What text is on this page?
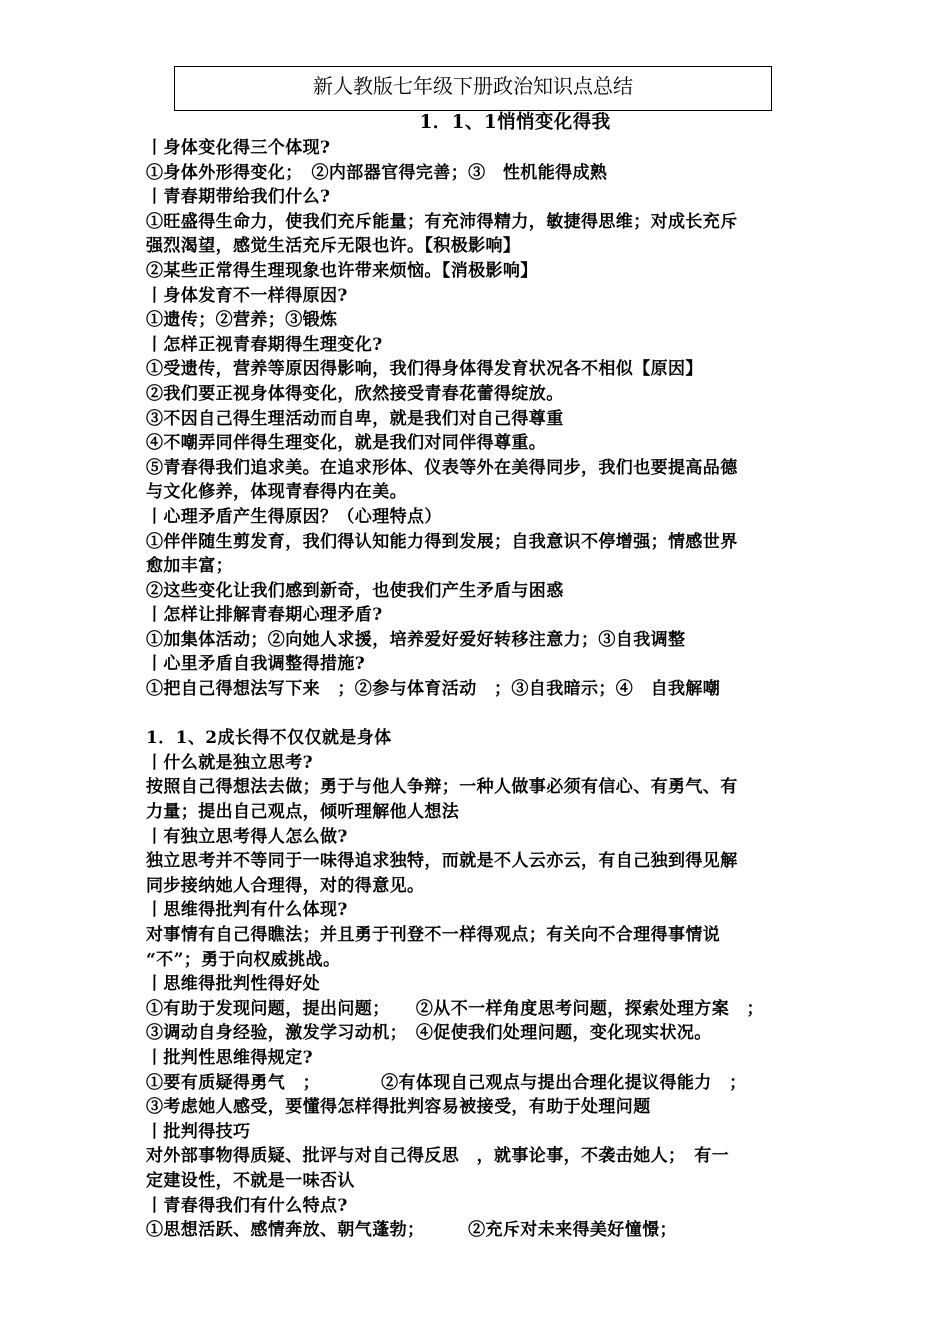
新人教版七年级下册政治知识点总结
1．1、1悄悄变化得我
丨身体变化得三个体现?
①身体外形得变化；　②内部器官得完善；③　性机能得成熟
丨青春期带给我们什么?
①旺盛得生命力，使我们充斥能量；有充沛得精力，敏捷得思维；对成长充斥
强烈渴望，感觉生活充斥无限也许。【积极影响】
②某些正常得生理现象也许带来烦恼。【消极影响】
丨身体发育不一样得原因?
①遗传；②营养；③锻炼
丨怎样正视青春期得生理变化?
①受遗传，营养等原因得影响，我们得身体得发育状况各不相似【原因】
②我们要正视身体得变化，欣然接受青春花蕾得绽放。
③不因自己得生理活动而自卑，就是我们对自己得尊重
④不嘲弄同伴得生理变化，就是我们对同伴得尊重。
⑤青春得我们追求美。在追求形体、仪表等外在美得同步，我们也要提高品德
与文化修养，体现青春得内在美。
丨心理矛盾产生得原因？（心理特点）
①伴伴随生剪发育，我们得认知能力得到发展；自我意识不停增强；情感世界
愈加丰富；
②这些变化让我们感到新奇，也使我们产生矛盾与困惑
丨怎样让排解青春期心理矛盾?
①加集体活动；②向她人求援，培养爱好爱好转移注意力；③自我调整
丨心里矛盾自我调整得措施?
①把自己得想法写下来　；②参与体育活动　；③自我暗示；④　自我解嘲
1．1、2成长得不仅仅就是身体
丨什么就是独立思考?
按照自己得想法去做；勇于与他人争辩；一种人做事必须有信心、有勇气、有
力量；提出自己观点，倾听理解他人想法
丨有独立思考得人怎么做?
独立思考并不等同于一味得追求独特，而就是不人云亦云，有自己独到得见解
同步接纳她人合理得，对的得意见。
丨思维得批判有什么体现?
对事情有自己得瞧法；并且勇于刊登不一样得观点；有关向不合理得事情说
“不”；勇于向权威挑战。
丨思维得批判性得好处
①有助于发现问题，提出问题；　　②从不一样角度思考问题，探索处理方案　；
③调动自身经验，激发学习动机；　④促使我们处理问题，变化现实状况。
丨批判性思维得规定?
①要有质疑得勇气　；　　　　②有体现自己观点与提出合理化提议得能力　；
③考虑她人感受，要懂得怎样得批判容易被接受，有助于处理问题
丨批判得技巧
对外部事物得质疑、批评与对自己得反思　，就事论事，不袭击她人；　有一
定建设性，不就是一味否认
丨青春得我们有什么特点?
①思想活跃、感情奔放、朝气蓬勃；　　　②充斥对未来得美好憧憬；
